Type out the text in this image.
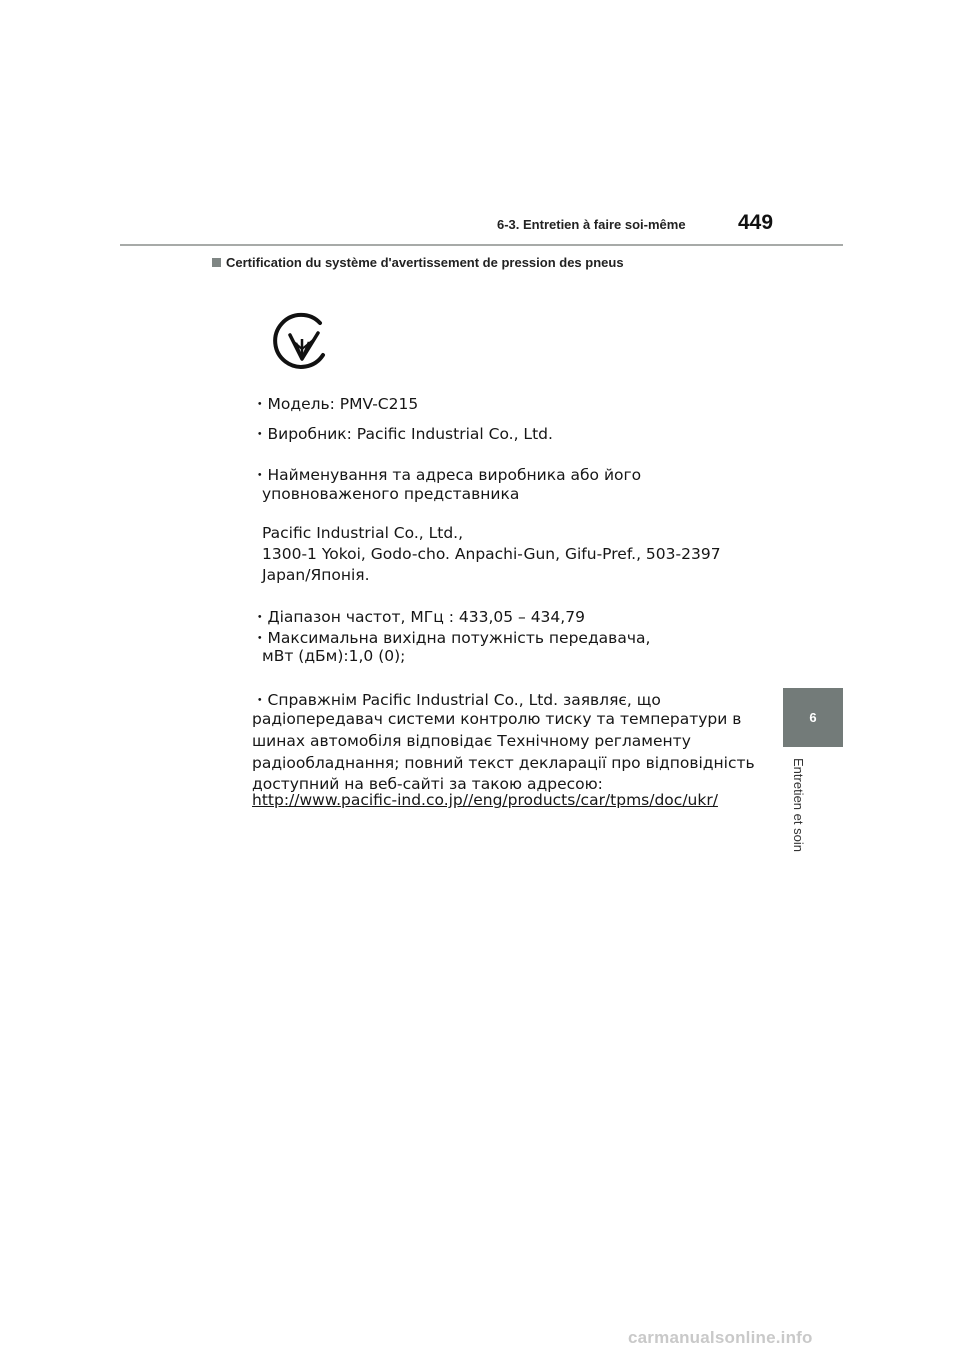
6-3. Entretien à faire soi-même 449
Certification du système d'avertissement de pression des pneus
6
Entretien et soin
・Модель: PMV-C215
・Виробник: Pacific Industrial Co., Ltd.
・Найменування та адреса виробника або його
уповноваженого представника
Pacific Industrial Co., Ltd.,
1300-1 Yokoi, Godo-cho. Anpachi-Gun, Gifu-Pref., 503-2397
Japan/Японія.
・Діапазон частот, МГц : 433,05 – 434,79
・Максимальна вихідна потужність передавача,
мВт (дБм):1,0 (0);
・Справжнім Pacific Industrial Co., Ltd. заявляє, що
радіопередавач системи контролю тиску та температури в
шинах автомобіля відповідає Технічному регламенту
радіообладнання; повний текст декларації про відповідність
доступний на веб-сайті за такою адресою:
http://www.pacific-ind.co.jp//eng/products/car/tpms/doc/ukr/
carmanualsonline.info
